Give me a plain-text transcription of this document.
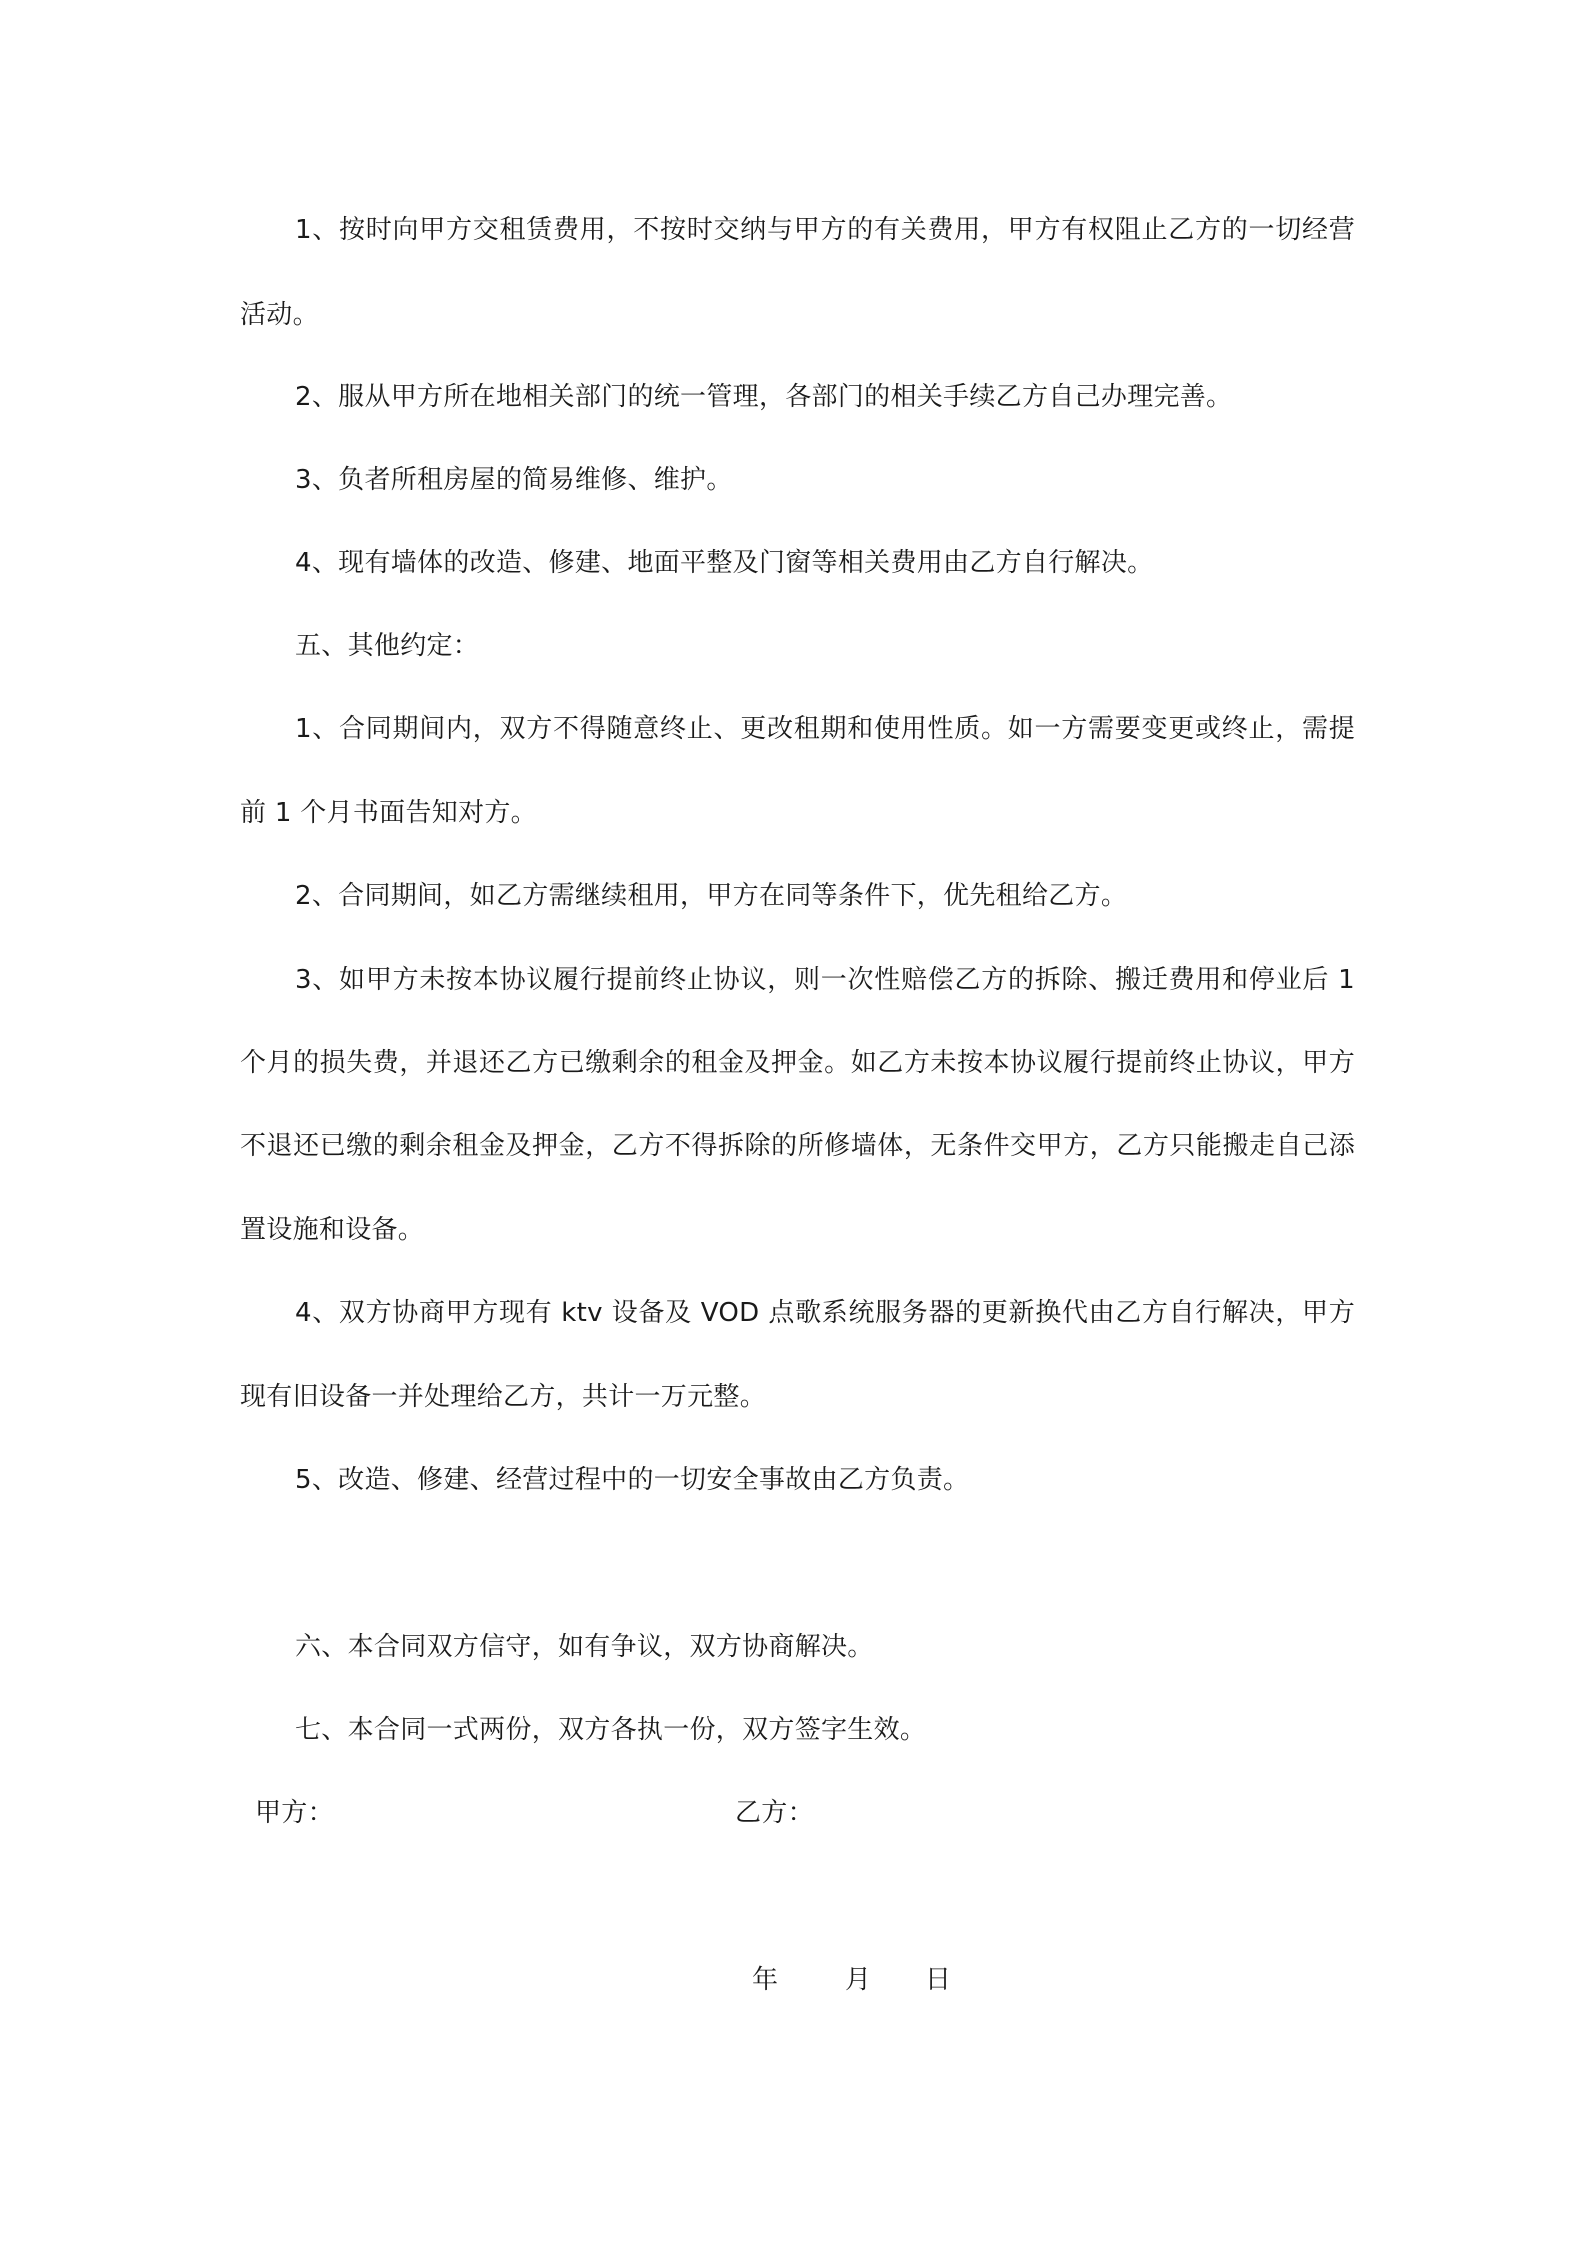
1、按时向甲方交租赁费用，不按时交纳与甲方的有关费用，甲方有权阻止乙方的一切经营
活动。
2、服从甲方所在地相关部门的统一管理，各部门的相关手续乙方自己办理完善。
3、负者所租房屋的简易维修、维护。
4、现有墙体的改造、修建、地面平整及门窗等相关费用由乙方自行解决。
五、其他约定：
1、合同期间内，双方不得随意终止、更改租期和使用性质。如一方需要变更或终止，需提
前 1 个月书面告知对方。
2、合同期间，如乙方需继续租用，甲方在同等条件下，优先租给乙方。
3、如甲方未按本协议履行提前终止协议，则一次性赔偿乙方的拆除、搬迁费用和停业后 1
个月的损失费，并退还乙方已缴剩余的租金及押金。如乙方未按本协议履行提前终止协议，甲方
不退还已缴的剩余租金及押金，乙方不得拆除的所修墙体，无条件交甲方，乙方只能搬走自己添
置设施和设备。
4、双方协商甲方现有 ktv 设备及 VOD 点歌系统服务器的更新换代由乙方自行解决，甲方
现有旧设备一并处理给乙方，共计一万元整。
5、改造、修建、经营过程中的一切安全事故由乙方负责。
六、本合同双方信守，如有争议，双方协商解决。
七、本合同一式两份，双方各执一份，双方签字生效。
甲方：	乙方：
年	月 日
